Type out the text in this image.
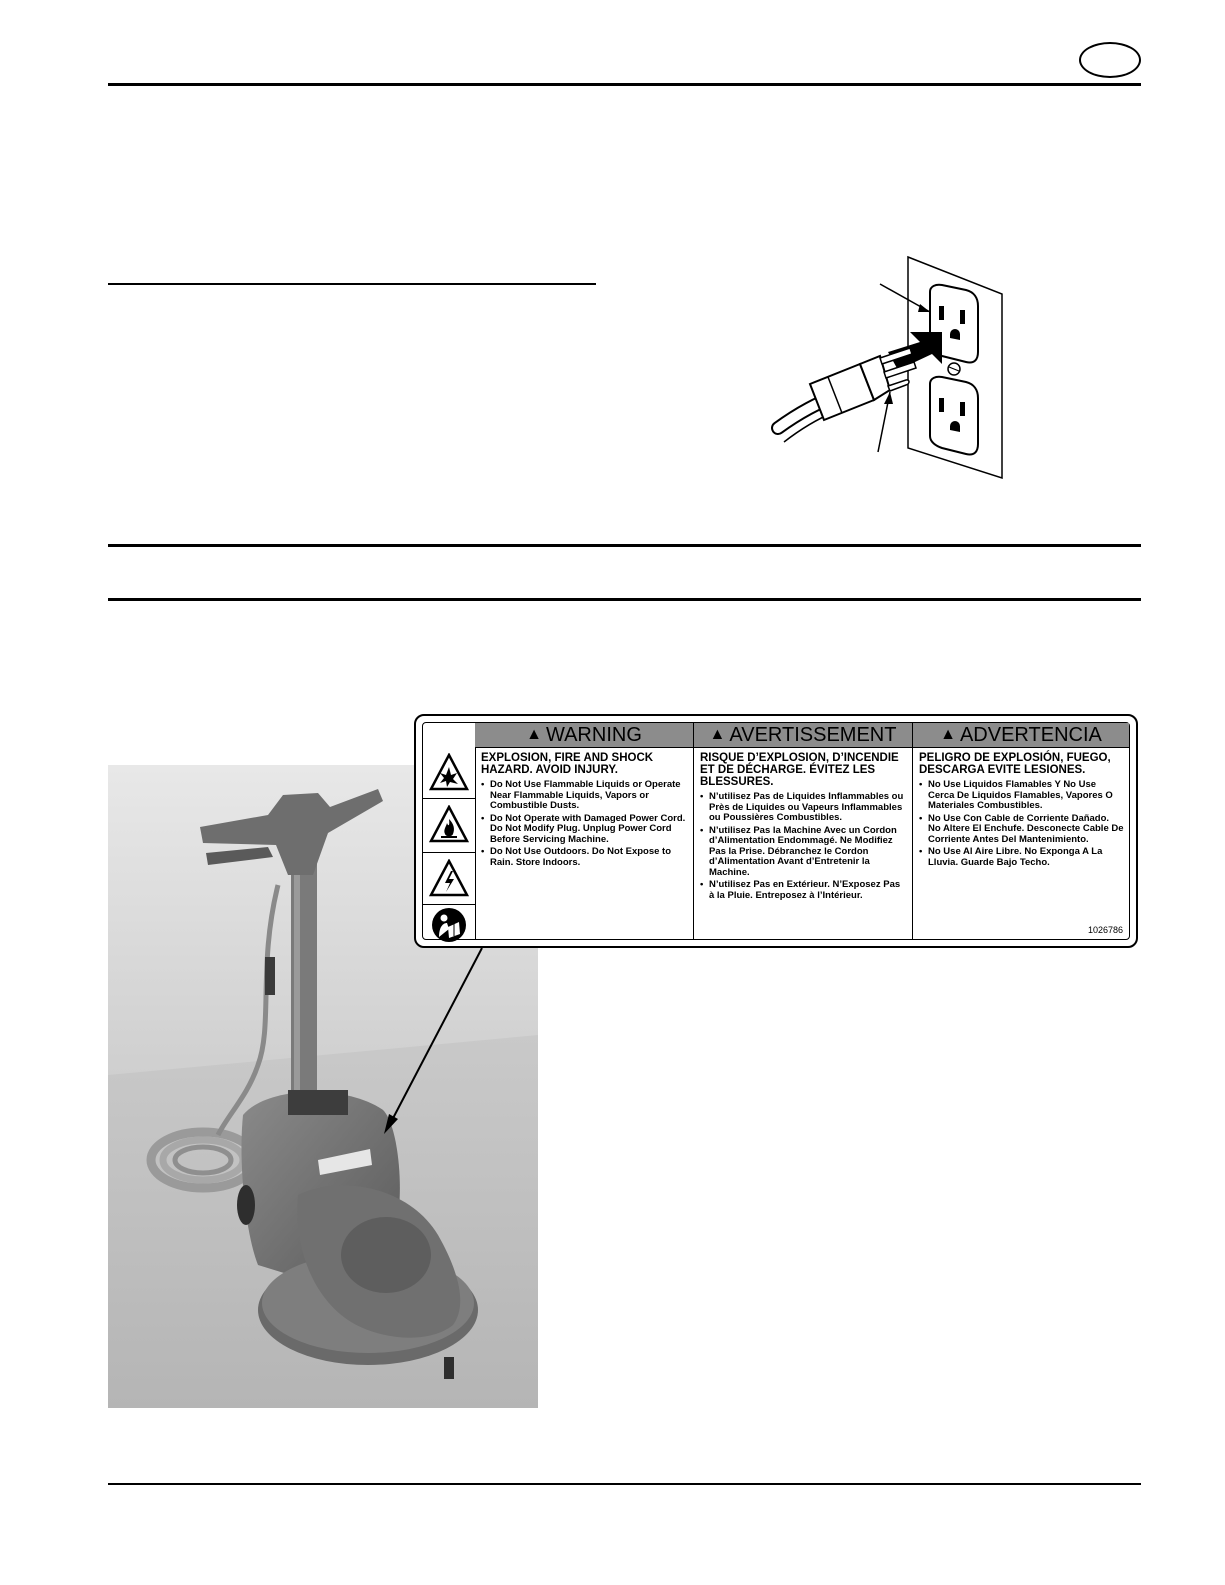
▲ WARNING
EXPLOSION, FIRE AND SHOCK HAZARD. AVOID INJURY.
• Do Not Use Flammable Liquids or Operate Near Flammable Liquids, Vapors or Combustible Dusts.
• Do Not Operate with Damaged Power Cord. Do Not Modify Plug. Unplug Power Cord Before Servicing Machine.
• Do Not Use Outdoors. Do Not Expose to Rain. Store Indoors.
▲ AVERTISSEMENT
RISQUE D’EXPLOSION, D’INCENDIE ET DE DÉCHARGE. ÉVITEZ LES BLESSURES.
• N’utilisez Pas de Liquides Inflammables ou Près de Liquides ou Vapeurs Inflammables ou Poussières Combustibles.
• N’utilisez Pas la Machine Avec un Cordon d’Alimentation Endommagé. Ne Modifiez Pas la Prise. Débranchez le Cordon d’Alimentation Avant d’Entretenir la Machine.
• N’utilisez Pas en Extérieur. N’Exposez Pas à la Pluie. Entreposez à l’Intérieur.
▲ ADVERTENCIA
PELIGRO DE EXPLOSIÓN, FUEGO, DESCARGA EVITE LESIONES.
• No Use Liquidos Flamables Y No Use Cerca De Liquidos Flamables, Vapores O Materiales Combustibles.
• No Use Con Cable de Corriente Dañado. No Altere El Enchufe. Desconecte Cable De Corriente Antes Del Mantenimiento.
• No Use Al Aire Libre. No Exponga A La Lluvia. Guarde Bajo Techo.
1026786
